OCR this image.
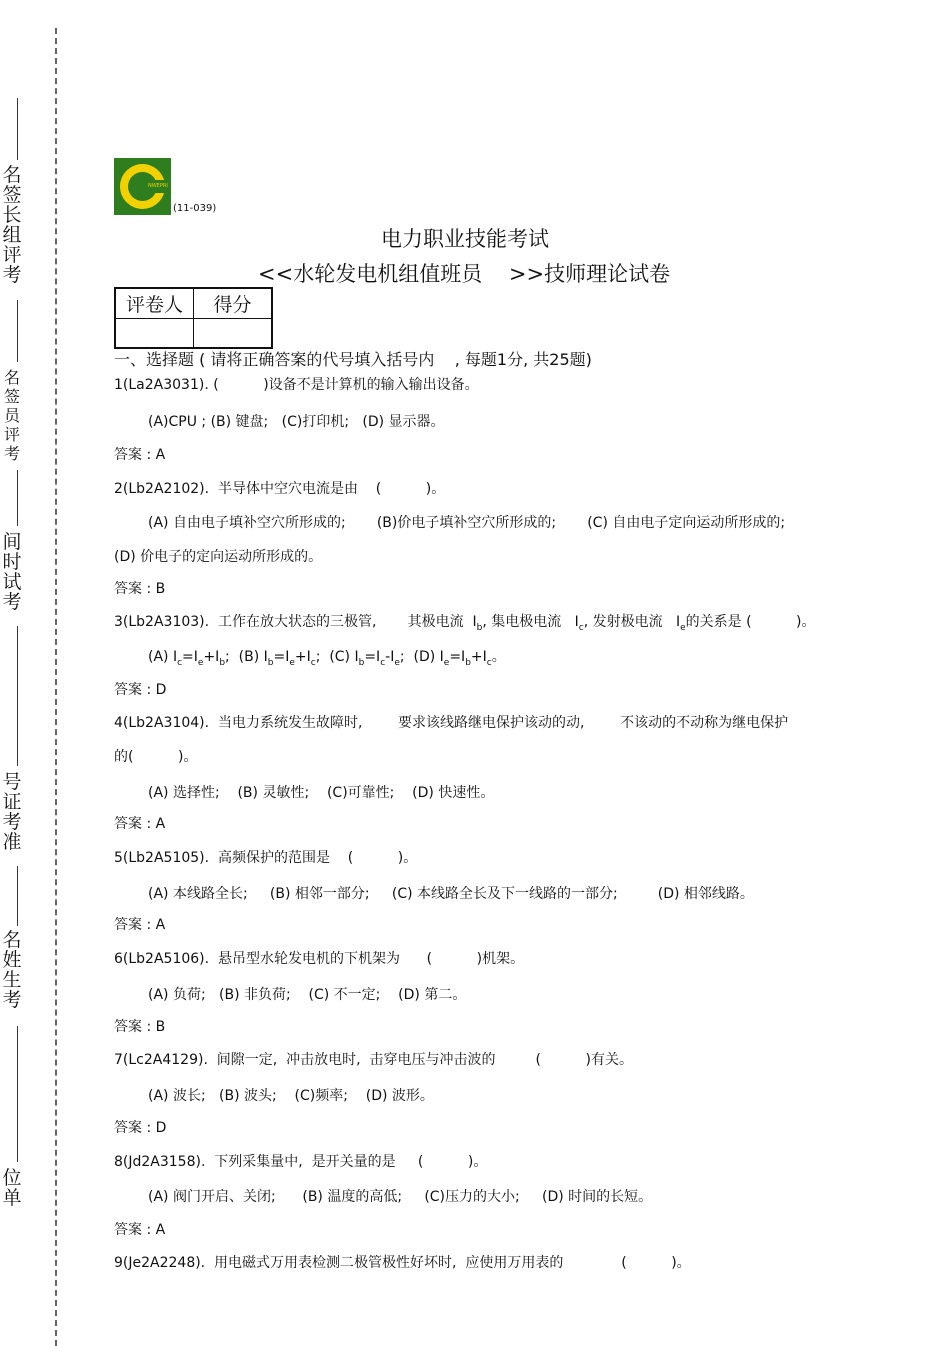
名签长组评考
名签员评考
间时试考
号证考准
名姓生考
位单
NWEPRI
(11-039)
电力职业技能考试
<<水轮发电机组值班员    >>技师理论试卷
评卷人	得分

一、选择题 ( 请将正确答案的代号填入括号内    , 每题1分, 共25题)
1(La2A3031). (          )设备不是计算机的输入输出设备。
(A)CPU ; (B) 键盘;   (C)打印机;   (D) 显示器。
答案 : A
2(Lb2A2102).  半导体中空穴电流是由    (          )。
(A) 自由电子填补空穴所形成的;       (B)价电子填补空穴所形成的;       (C) 自由电子定向运动所形成的;
(D) 价电子的定向运动所形成的。
答案 : B
3(Lb2A3103).  工作在放大状态的三极管,       其极电流  $I_b$, 集电极电流   $I_c$, 发射极电流   $I_e$的关系是 (          )。
(A) $I_c=I_e+I_b$;  (B) $I_b=I_e+I_c$;  (C) $I_b=I_c-I_e$;  (D) $I_e=I_b+I_c$。
答案 : D
4(Lb2A3104).  当电力系统发生故障时,        要求该线路继电保护该动的动,        不该动的不动称为继电保护
的(          )。
(A) 选择性;    (B) 灵敏性;    (C)可靠性;    (D) 快速性。
答案 : A
5(Lb2A5105).  高频保护的范围是    (          )。
(A) 本线路全长;     (B) 相邻一部分;     (C) 本线路全长及下一线路的一部分;         (D) 相邻线路。
答案 : A
6(Lb2A5106).  悬吊型水轮发电机的下机架为      (          )机架。
(A) 负荷;   (B) 非负荷;    (C) 不一定;    (D) 第二。
答案 : B
7(Lc2A4129).  间隙一定,  冲击放电时,  击穿电压与冲击波的         (          )有关。
(A) 波长;   (B) 波头;    (C)频率;    (D) 波形。
答案 : D
8(Jd2A3158).  下列采集量中,  是开关量的是     (          )。
(A) 阀门开启、关闭;      (B) 温度的高低;     (C)压力的大小;     (D) 时间的长短。
答案 : A
9(Je2A2248).  用电磁式万用表检测二极管极性好坏时,  应使用万用表的             (          )。
